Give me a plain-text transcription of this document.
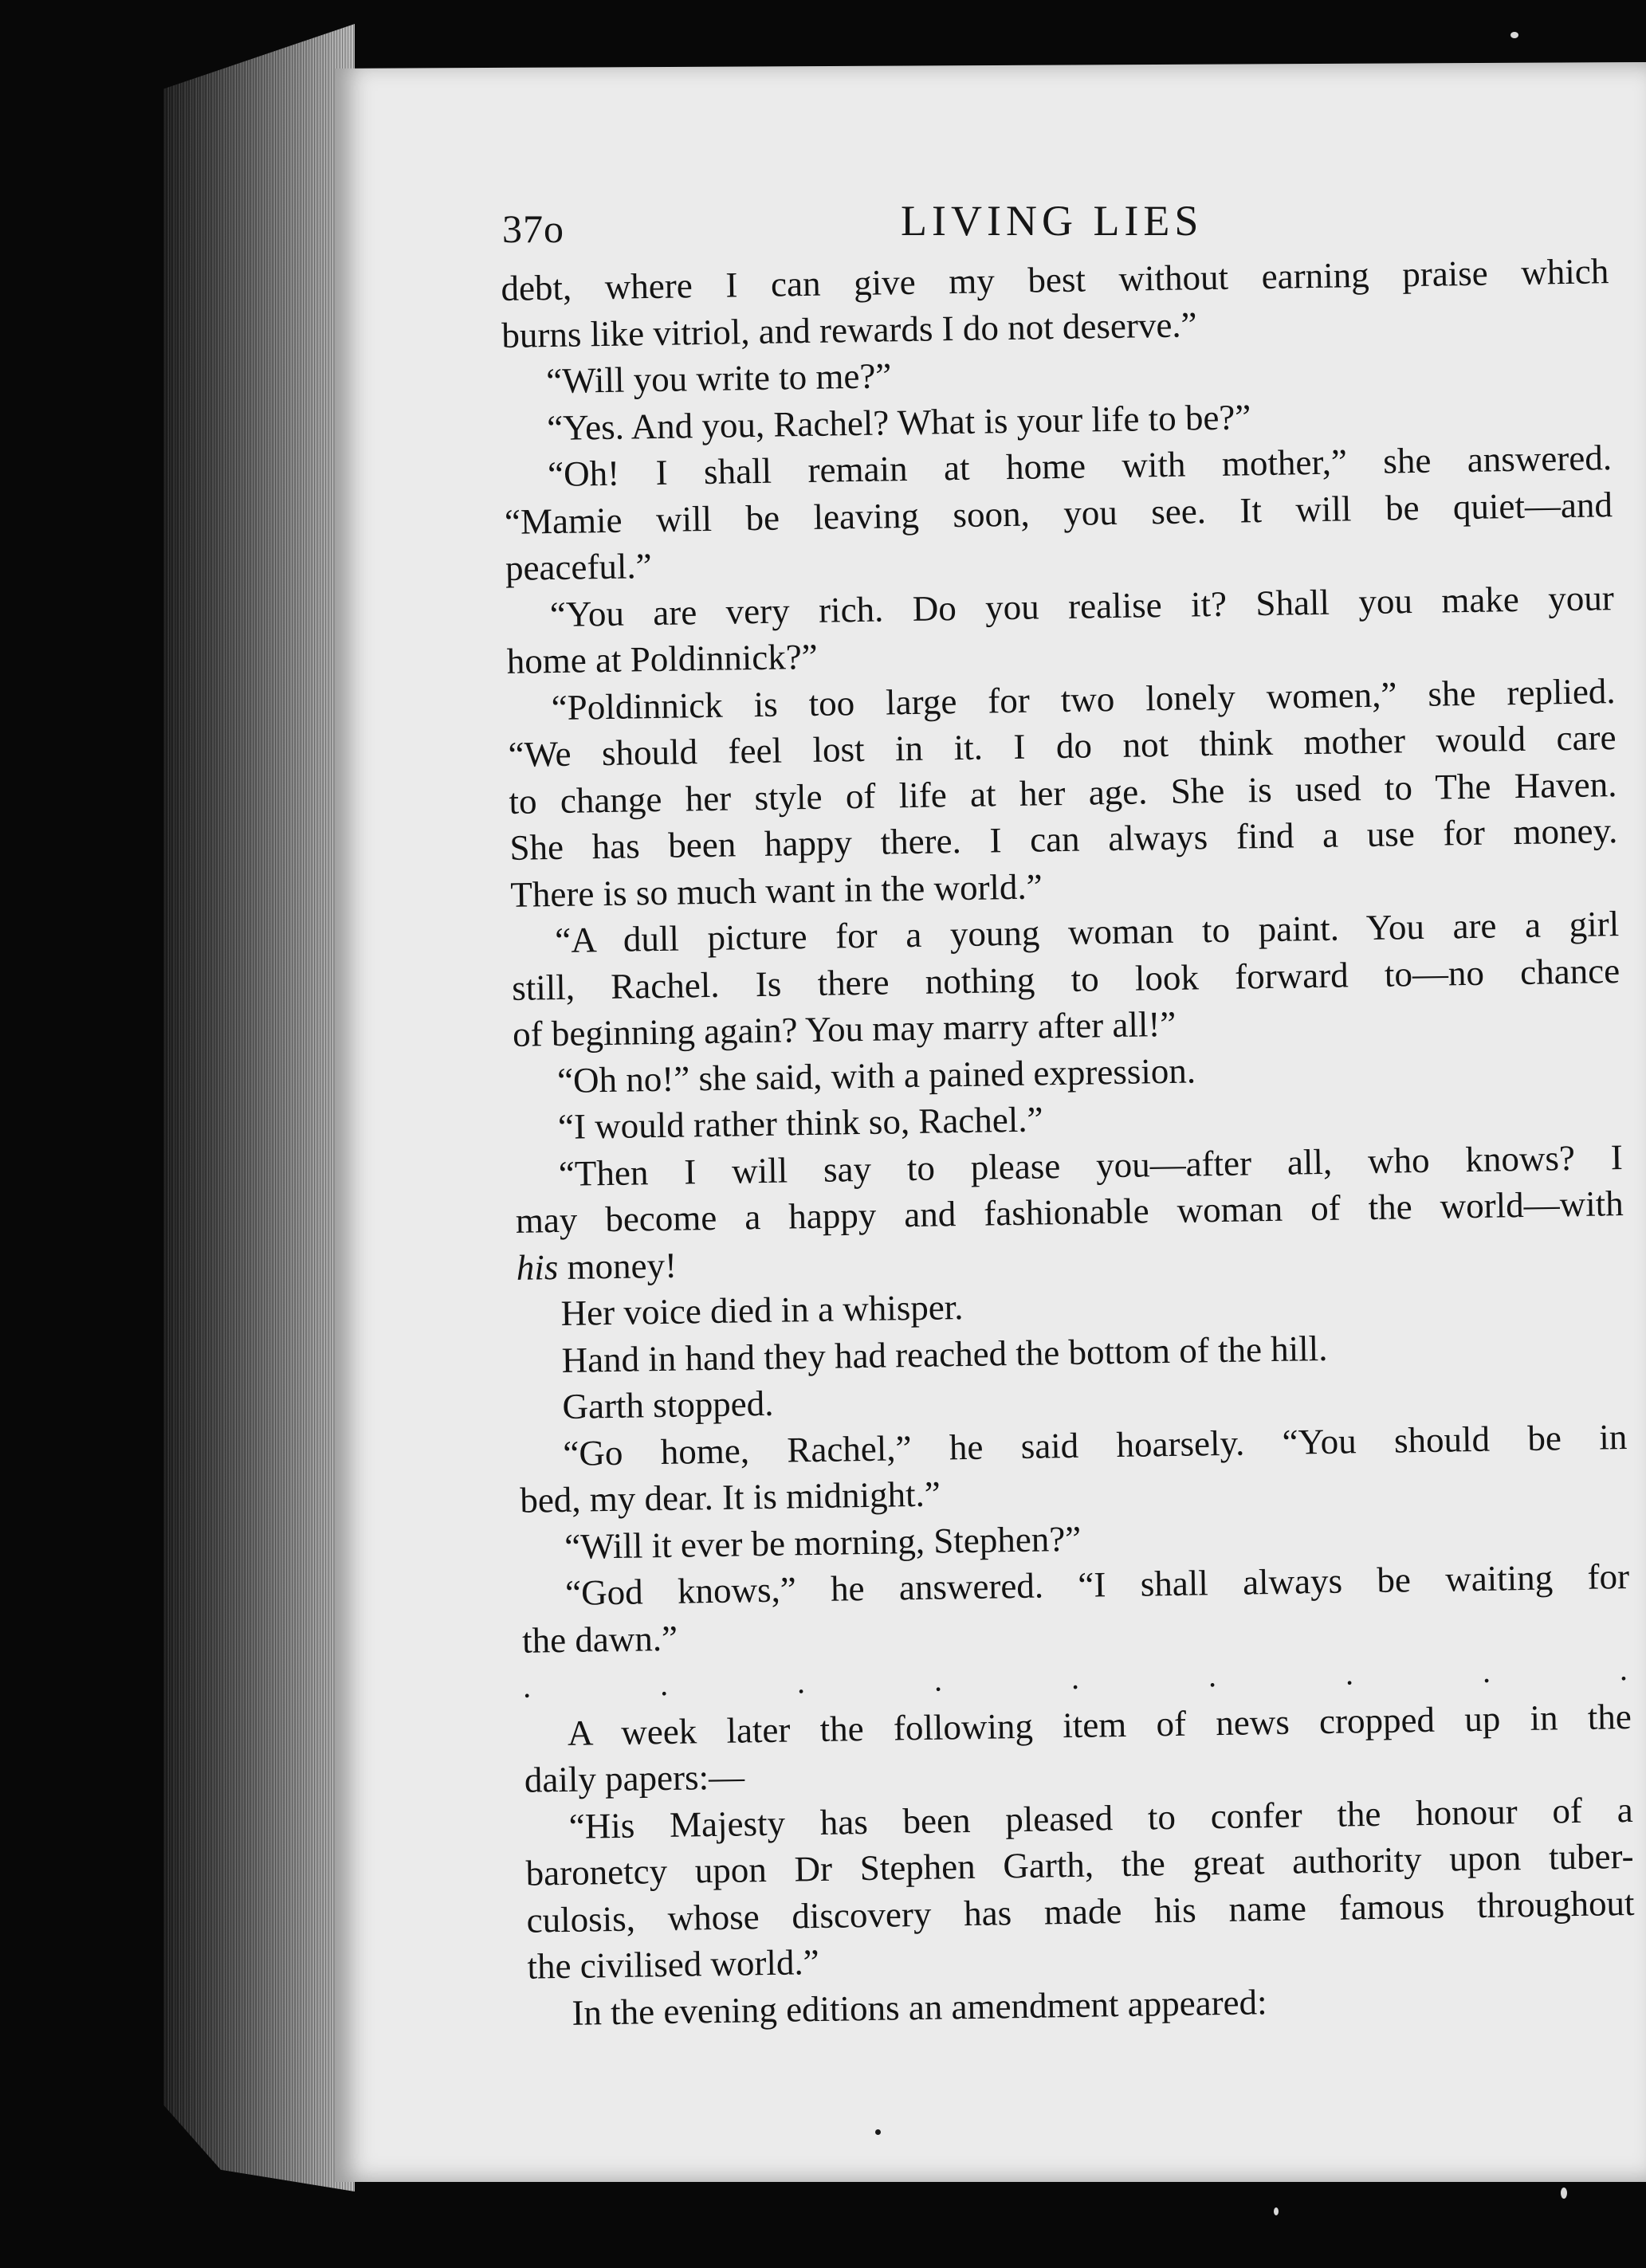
37o	LIVING LIES
debt, where I can give my best without earning praise which
burns like vitriol, and rewards I do not deserve.”
“Will you write to me?”
“Yes. And you, Rachel? What is your life to be?”
“Oh! I shall remain at home with mother,” she answered.
“Mamie will be leaving soon, you see. It will be quiet—and
peaceful.”
“You are very rich. Do you realise it? Shall you make your
home at Poldinnick?”
“Poldinnick is too large for two lonely women,” she replied.
“We should feel lost in it. I do not think mother would care
to change her style of life at her age. She is used to The Haven.
She has been happy there. I can always find a use for money.
There is so much want in the world.”
“A dull picture for a young woman to paint. You are a girl
still, Rachel. Is there nothing to look forward to—no chance
of beginning again? You may marry after all!”
“Oh no!” she said, with a pained expression.
“I would rather think so, Rachel.”
“Then I will say to please you—after all, who knows? I
may become a happy and fashionable woman of the world—with
his money!
Her voice died in a whisper.
Hand in hand they had reached the bottom of the hill.
Garth stopped.
“Go home, Rachel,” he said hoarsely. “You should be in
bed, my dear. It is midnight.”
“Will it ever be morning, Stephen?”
“God knows,” he answered. “I shall always be waiting for
the dawn.”
.	.	.	.	.	.	.	.	.
A week later the following item of news cropped up in the
daily papers:—
“His Majesty has been pleased to confer the honour of a
baronetcy upon Dr Stephen Garth, the great authority upon tuber-
culosis, whose discovery has made his name famous throughout
the civilised world.”
In the evening editions an amendment appeared:
